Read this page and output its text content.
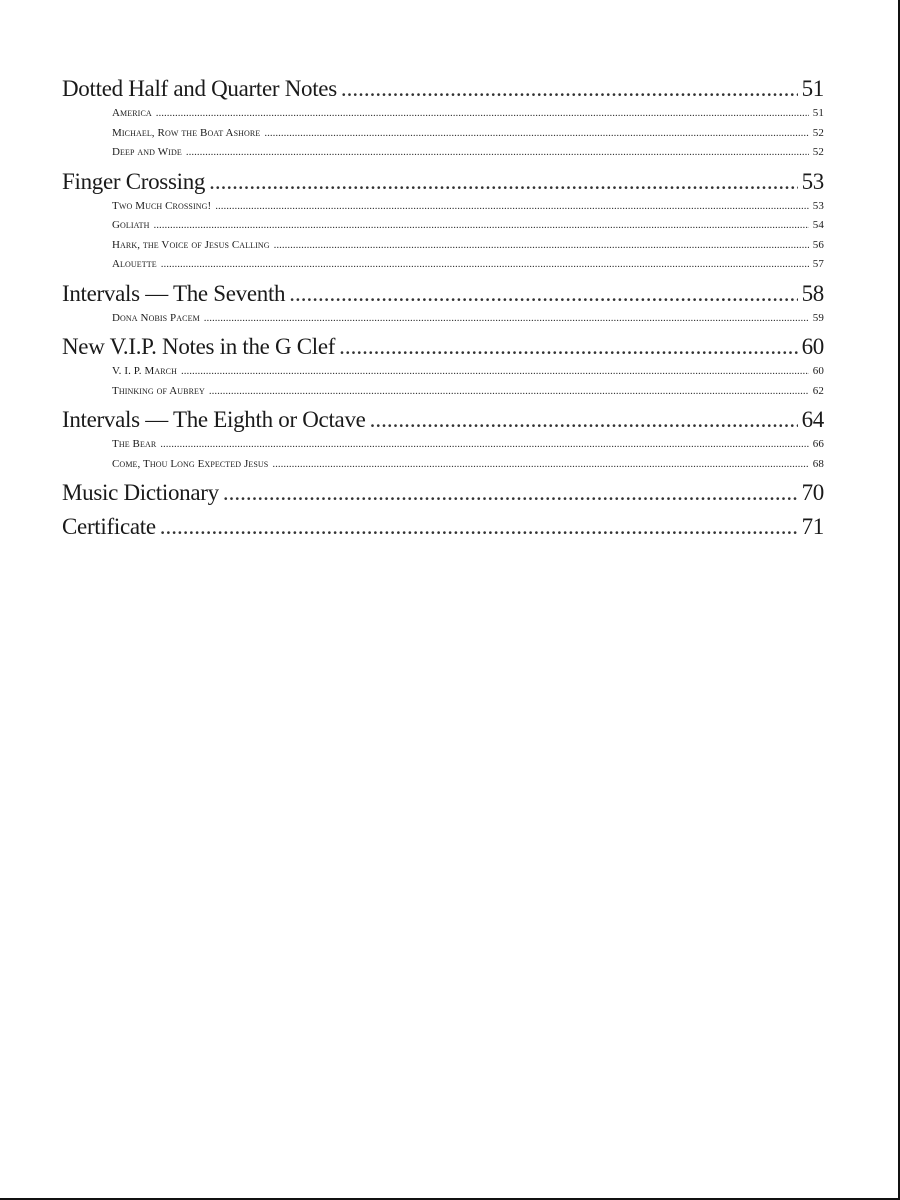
Dotted Half and Quarter Notes .....	51
America .....	51
Michael, Row the Boat Ashore .....	52
Deep and Wide .....	52
Finger Crossing .....	53
Two Much Crossing! .....	53
Goliath .....	54
Hark, the Voice of Jesus Calling .....	56
Alouette .....	57
Intervals — The Seventh .....	58
Dona Nobis Pacem .....	59
New V.I.P. Notes in the G Clef .....	60
V. I. P. March .....	60
Thinking of Aubrey .....	62
Intervals — The Eighth or Octave .....	64
The Bear .....	66
Come, Thou Long Expected Jesus .....	68
Music Dictionary .....	70
Certificate .....	71
